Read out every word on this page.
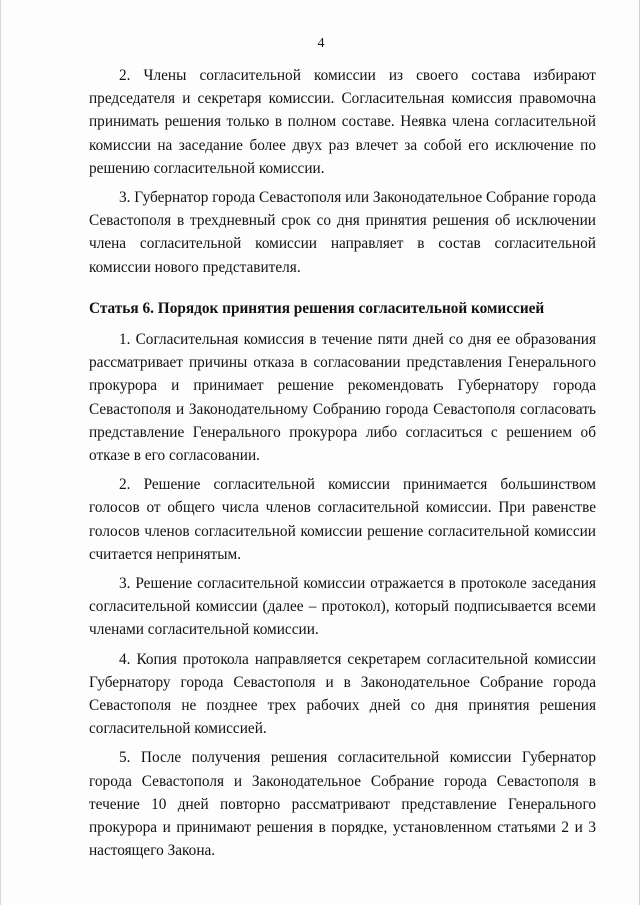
4

2. Члены согласительной комиссии из своего состава избирают председателя и секретаря комиссии. Согласительная комиссия правомочна принимать решения только в полном составе. Неявка члена согласительной комиссии на заседание более двух раз влечет за собой его исключение по решению согласительной комиссии.

3. Губернатор города Севастополя или Законодательное Собрание города Севастополя в трехдневный срок со дня принятия решения об исключении члена согласительной комиссии направляет в состав согласительной комиссии нового представителя.

Статья 6. Порядок принятия решения согласительной комиссией

1. Согласительная комиссия в течение пяти дней со дня ее образования рассматривает причины отказа в согласовании представления Генерального прокурора и принимает решение рекомендовать Губернатору города Севастополя и Законодательному Собранию города Севастополя согласовать представление Генерального прокурора либо согласиться с решением об отказе в его согласовании.

2. Решение согласительной комиссии принимается большинством голосов от общего числа членов согласительной комиссии. При равенстве голосов членов согласительной комиссии решение согласительной комиссии считается непринятым.

3. Решение согласительной комиссии отражается в протоколе заседания согласительной комиссии (далее – протокол), который подписывается всеми членами согласительной комиссии.

4. Копия протокола направляется секретарем согласительной комиссии Губернатору города Севастополя и в Законодательное Собрание города Севастополя не позднее трех рабочих дней со дня принятия решения согласительной комиссией.

5. После получения решения согласительной комиссии Губернатор города Севастополя и Законодательное Собрание города Севастополя в течение 10 дней повторно рассматривают представление Генерального прокурора и принимают решения в порядке, установленном статьями 2 и 3 настоящего Закона.
